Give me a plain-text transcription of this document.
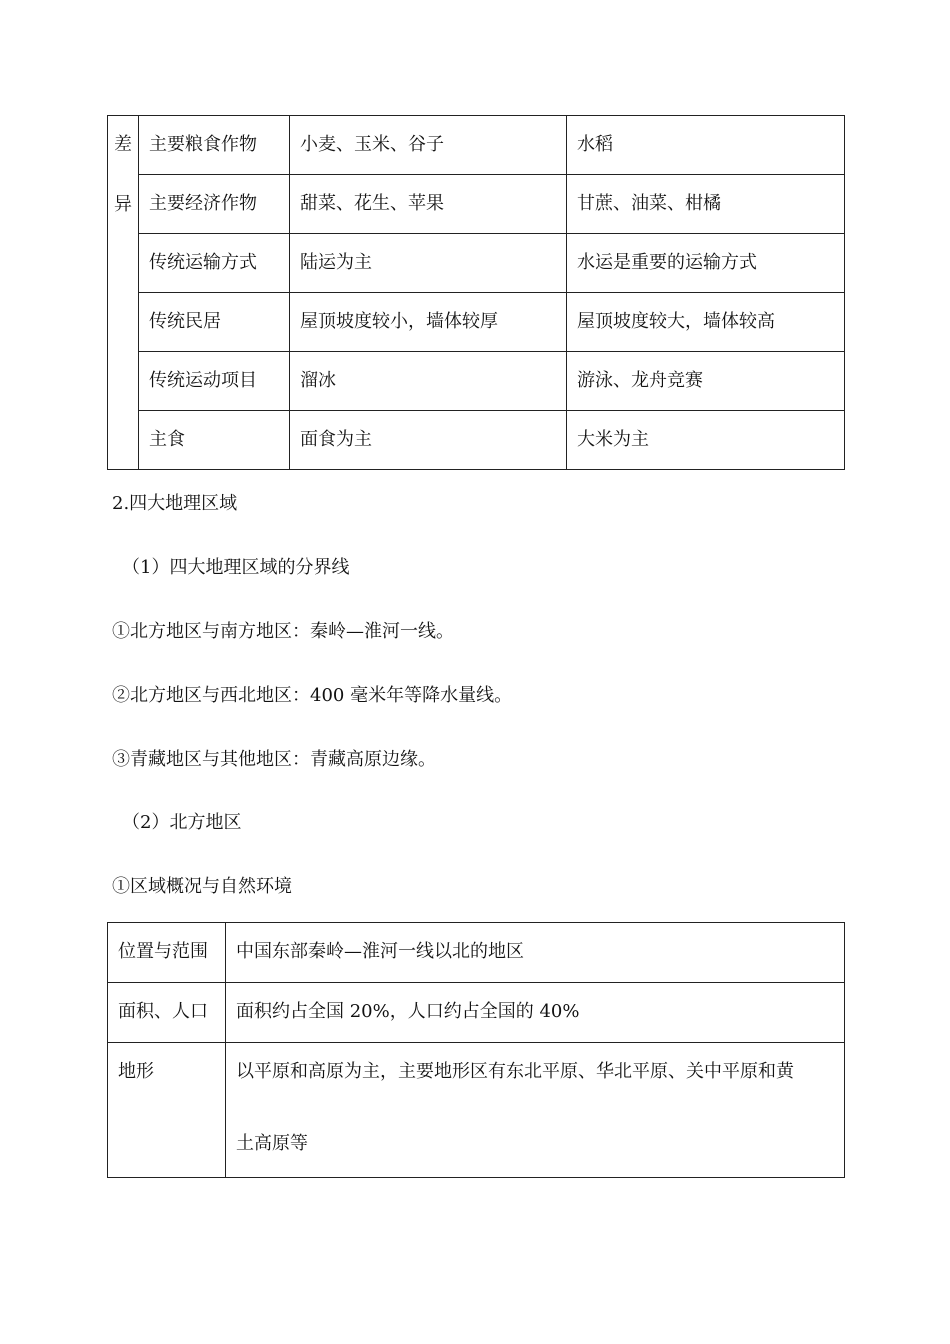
差
异	主要粮食作物	小麦、玉米、谷子	水稻
	主要经济作物	甜菜、花生、苹果	甘蔗、油菜、柑橘
	传统运输方式	陆运为主	水运是重要的运输方式
	传统民居	屋顶坡度较小，墙体较厚	屋顶坡度较大，墙体较高
	传统运动项目	溜冰	游泳、龙舟竞赛
	主食	面食为主	大米为主
2.四大地理区域
（1）四大地理区域的分界线
①北方地区与南方地区：秦岭—淮河一线。
②北方地区与西北地区：400 毫米年等降水量线。
③青藏地区与其他地区：青藏高原边缘。
（2）北方地区
①区域概况与自然环境
位置与范围	中国东部秦岭—淮河一线以北的地区
面积、人口	面积约占全国 20%，人口约占全国的 40%
地形	以平原和高原为主，主要地形区有东北平原、华北平原、关中平原和黄
土高原等
